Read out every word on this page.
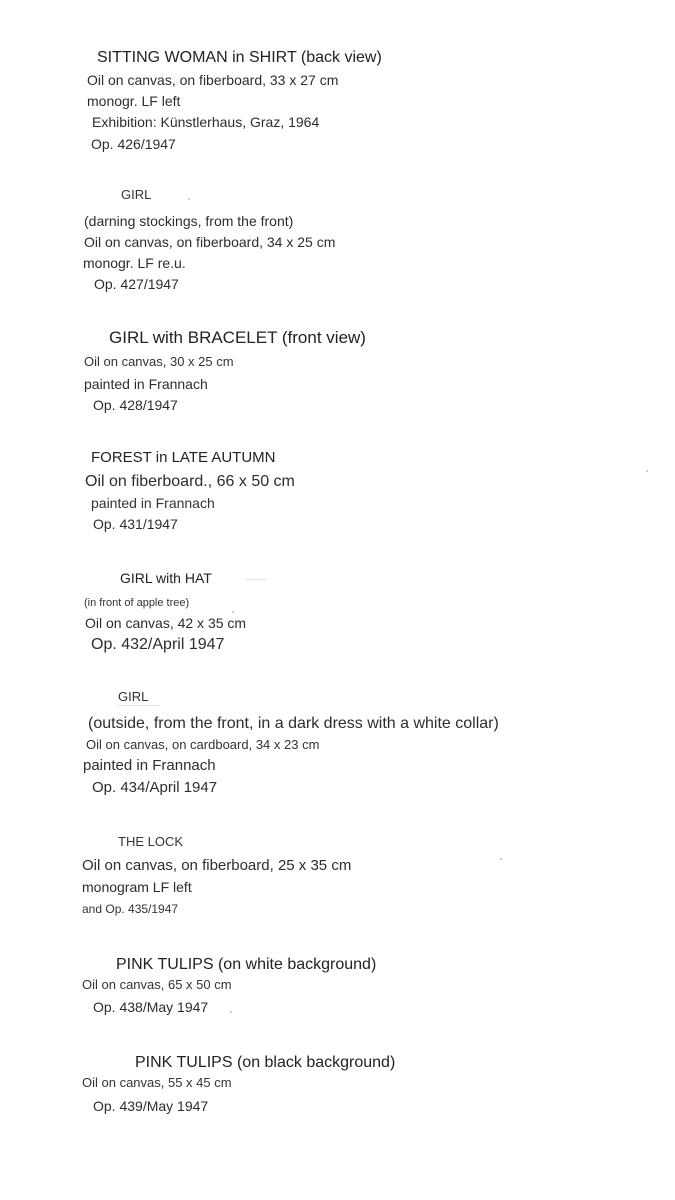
SITTING WOMAN in SHIRT (back view)
Oil on canvas, on fiberboard, 33 x 27 cm
monogr. LF left
Exhibition: Künstlerhaus, Graz, 1964
Op. 426/1947
GIRL
(darning stockings, from the front)
Oil on canvas, on fiberboard, 34 x 25 cm
monogr. LF re.u.
Op. 427/1947
GIRL with BRACELET (front view)
Oil on canvas, 30 x 25 cm
painted in Frannach
Op. 428/1947
FOREST in LATE AUTUMN
Oil on fiberboard., 66 x 50 cm
painted in Frannach
Op. 431/1947
GIRL with HAT
(in front of apple tree)
Oil on canvas, 42 x 35 cm
Op. 432/April 1947
GIRL
(outside, from the front, in a dark dress with a white collar)
Oil on canvas, on cardboard, 34 x 23 cm
painted in Frannach
Op. 434/April 1947
THE LOCK
Oil on canvas, on fiberboard, 25 x 35 cm
monogram LF left
and Op. 435/1947
PINK TULIPS (on white background)
Oil on canvas, 65 x 50 cm
Op. 438/May 1947
PINK TULIPS (on black background)
Oil on canvas, 55 x 45 cm
Op. 439/May 1947
